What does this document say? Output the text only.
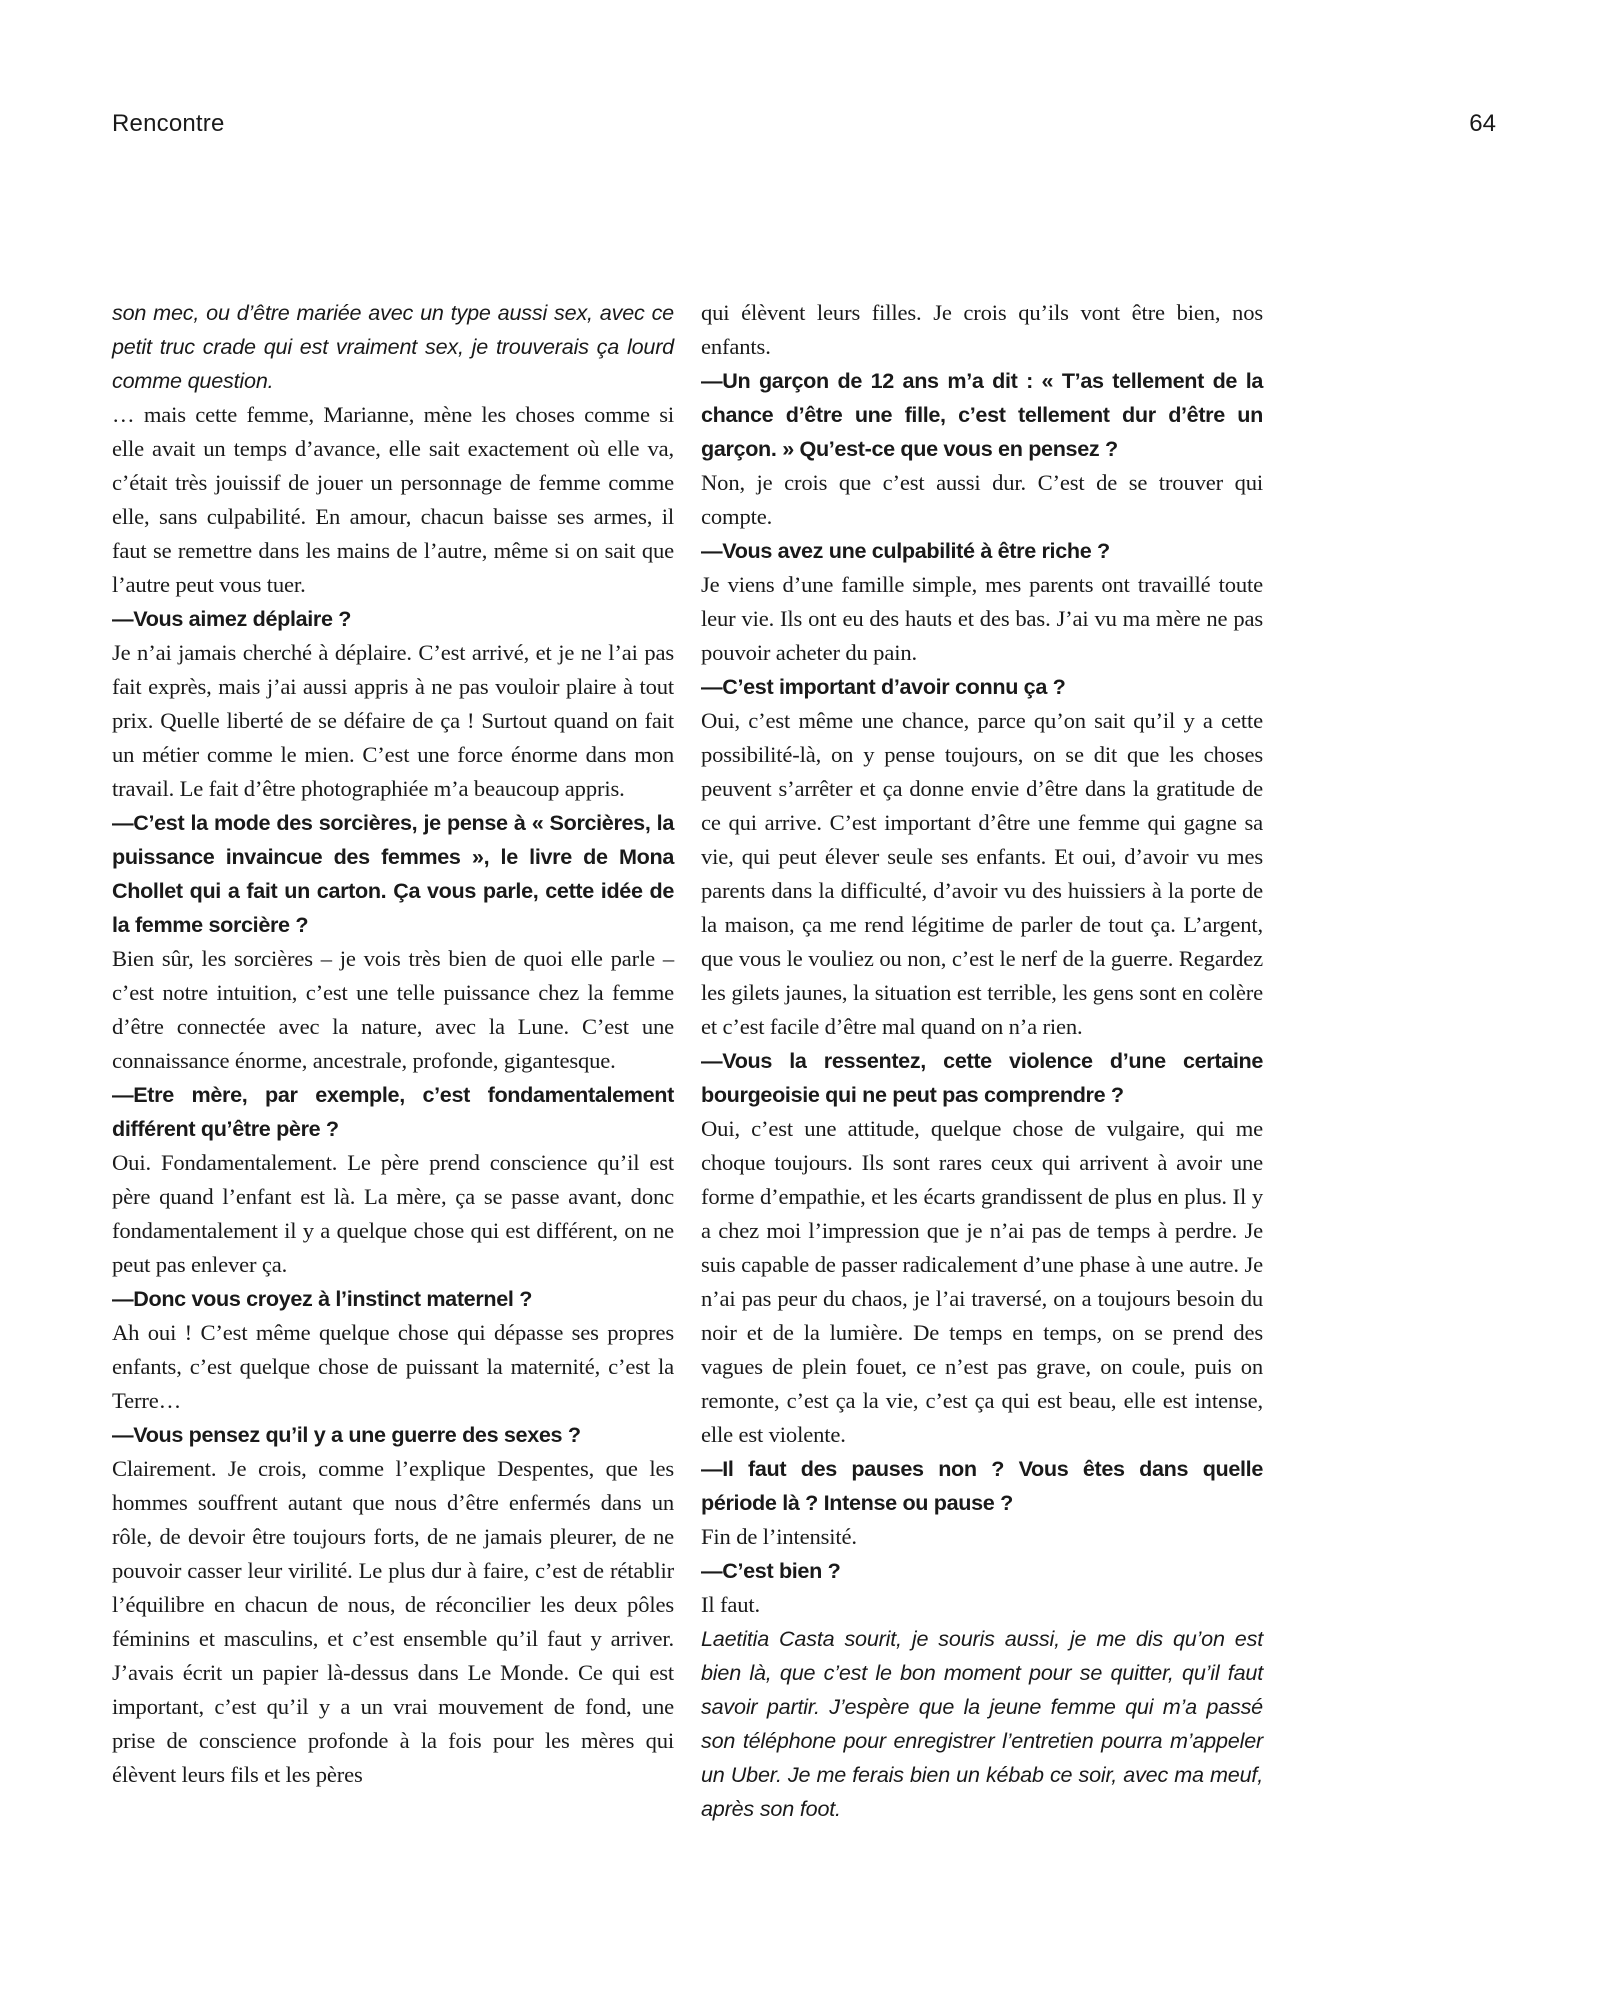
Rencontre	64

son mec, ou d’être mariée avec un type aussi sex, avec ce petit truc crade qui est vraiment sex, je trouverais ça lourd comme question.

… mais cette femme, Marianne, mène les choses comme si elle avait un temps d’avance, elle sait exactement où elle va, c’était très jouissif de jouer un personnage de femme comme elle, sans culpabilité. En amour, chacun baisse ses armes, il faut se remettre dans les mains de l’autre, même si on sait que l’autre peut vous tuer.

—Vous aimez déplaire ?

Je n’ai jamais cherché à déplaire. C’est arrivé, et je ne l’ai pas fait exprès, mais j’ai aussi appris à ne pas vouloir plaire à tout prix. Quelle liberté de se défaire de ça ! Surtout quand on fait un métier comme le mien. C’est une force énorme dans mon travail. Le fait d’être photographiée m’a beaucoup appris.

—C’est la mode des sorcières, je pense à « Sorcières, la puissance invaincue des femmes », le livre de Mona Chollet qui a fait un carton. Ça vous parle, cette idée de la femme sorcière ?

Bien sûr, les sorcières – je vois très bien de quoi elle parle – c’est notre intuition, c’est une telle puissance chez la femme d’être connectée avec la nature, avec la Lune. C’est une connaissance énorme, ancestrale, profonde, gigantesque.

—Etre mère, par exemple, c’est fondamentalement différent qu’être père ?

Oui. Fondamentalement. Le père prend conscience qu’il est père quand l’enfant est là. La mère, ça se passe avant, donc fondamentalement il y a quelque chose qui est différent, on ne peut pas enlever ça.

—Donc vous croyez à l’instinct maternel ?

Ah oui ! C’est même quelque chose qui dépasse ses propres enfants, c’est quelque chose de puissant la maternité, c’est la Terre…

—Vous pensez qu’il y a une guerre des sexes ?

Clairement. Je crois, comme l’explique Despentes, que les hommes souffrent autant que nous d’être enfermés dans un rôle, de devoir être toujours forts, de ne jamais pleurer, de ne pouvoir casser leur virilité. Le plus dur à faire, c’est de rétablir l’équilibre en chacun de nous, de réconcilier les deux pôles féminins et masculins, et c’est ensemble qu’il faut y arriver. J’avais écrit un papier là-dessus dans Le Monde. Ce qui est important, c’est qu’il y a un vrai mouvement de fond, une prise de conscience profonde à la fois pour les mères qui élèvent leurs fils et les pères

qui élèvent leurs filles. Je crois qu’ils vont être bien, nos enfants.

—Un garçon de 12 ans m’a dit : « T’as tellement de la chance d’être une fille, c’est tellement dur d’être un garçon. » Qu’est-ce que vous en pensez ?

Non, je crois que c’est aussi dur. C’est de se trouver qui compte.

—Vous avez une culpabilité à être riche ?

Je viens d’une famille simple, mes parents ont travaillé toute leur vie. Ils ont eu des hauts et des bas. J’ai vu ma mère ne pas pouvoir acheter du pain.

—C’est important d’avoir connu ça ?

Oui, c’est même une chance, parce qu’on sait qu’il y a cette possibilité-là, on y pense toujours, on se dit que les choses peuvent s’arrêter et ça donne envie d’être dans la gratitude de ce qui arrive. C’est important d’être une femme qui gagne sa vie, qui peut élever seule ses enfants. Et oui, d’avoir vu mes parents dans la difficulté, d’avoir vu des huissiers à la porte de la maison, ça me rend légitime de parler de tout ça. L’argent, que vous le vouliez ou non, c’est le nerf de la guerre. Regardez les gilets jaunes, la situation est terrible, les gens sont en colère et c’est facile d’être mal quand on n’a rien.

—Vous la ressentez, cette violence d’une certaine bourgeoisie qui ne peut pas comprendre ?

Oui, c’est une attitude, quelque chose de vulgaire, qui me choque toujours. Ils sont rares ceux qui arrivent à avoir une forme d’empathie, et les écarts grandissent de plus en plus. Il y a chez moi l’impression que je n’ai pas de temps à perdre. Je suis capable de passer radicalement d’une phase à une autre. Je n’ai pas peur du chaos, je l’ai traversé, on a toujours besoin du noir et de la lumière. De temps en temps, on se prend des vagues de plein fouet, ce n’est pas grave, on coule, puis on remonte, c’est ça la vie, c’est ça qui est beau, elle est intense, elle est violente.

—Il faut des pauses non ? Vous êtes dans quelle période là ? Intense ou pause ?

Fin de l’intensité.

—C’est bien ?

Il faut.

Laetitia Casta sourit, je souris aussi, je me dis qu’on est bien là, que c’est le bon moment pour se quitter, qu’il faut savoir partir. J’espère que la jeune femme qui m’a passé son téléphone pour enregistrer l’entretien pourra m’appeler un Uber. Je me ferais bien un kébab ce soir, avec ma meuf, après son foot.
